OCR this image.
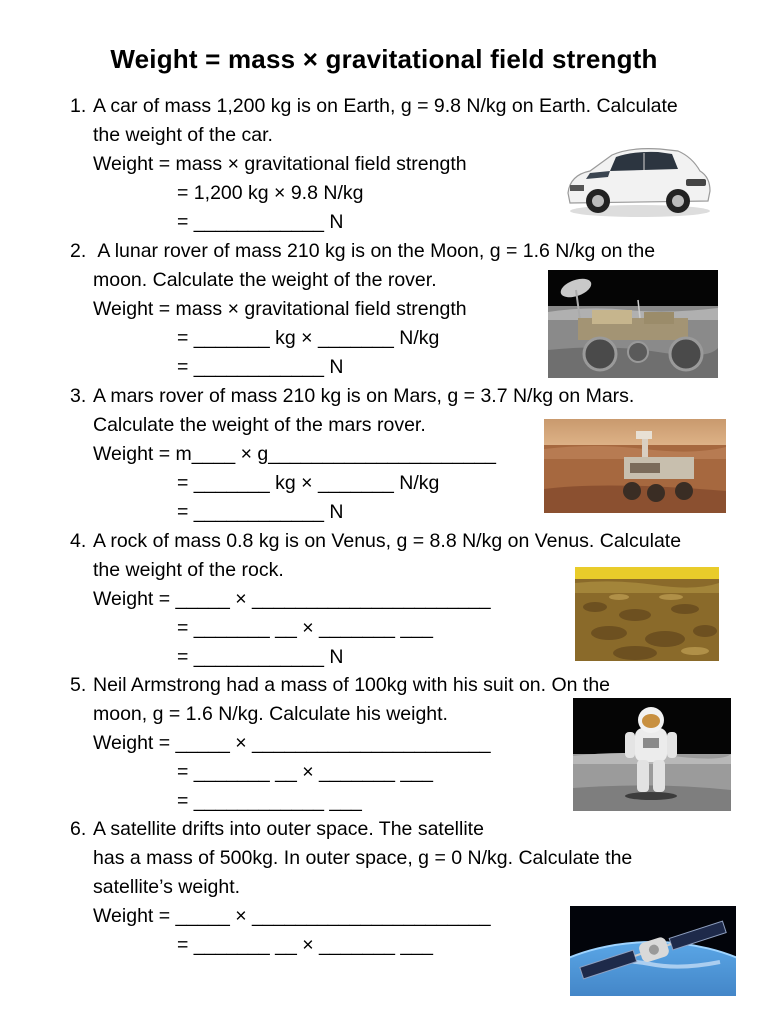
Weight = mass × gravitational field strength
1. A car of mass 1,200 kg is on Earth, g = 9.8 N/kg on Earth. Calculate
the weight of the car.
Weight = mass × gravitational field strength
= 1,200 kg × 9.8 N/kg
= ____________ N
2. A lunar rover of mass 210 kg is on the Moon, g = 1.6 N/kg on the
moon. Calculate the weight of the rover.
Weight = mass × gravitational field strength
= _______ kg × _______ N/kg
= ____________ N
3. A mars rover of mass 210 kg is on Mars, g = 3.7 N/kg on Mars.
Calculate the weight of the mars rover.
Weight = m____ × g_____________________
= _______ kg × _______ N/kg
= ____________ N
4. A rock of mass 0.8 kg is on Venus, g = 8.8 N/kg on Venus. Calculate
the weight of the rock.
Weight = _____ × ______________________
= _______ __ × _______ ___
= ____________ N
5. Neil Armstrong had a mass of 100kg with his suit on. On the
moon, g = 1.6 N/kg. Calculate his weight.
Weight = _____ × ______________________
= _______ __ × _______ ___
= ____________ ___
6. A satellite drifts into outer space. The satellite
has a mass of 500kg. In outer space, g = 0 N/kg. Calculate the
satellite’s weight.
Weight = _____ × ______________________
= _______ __ × _______ ___
